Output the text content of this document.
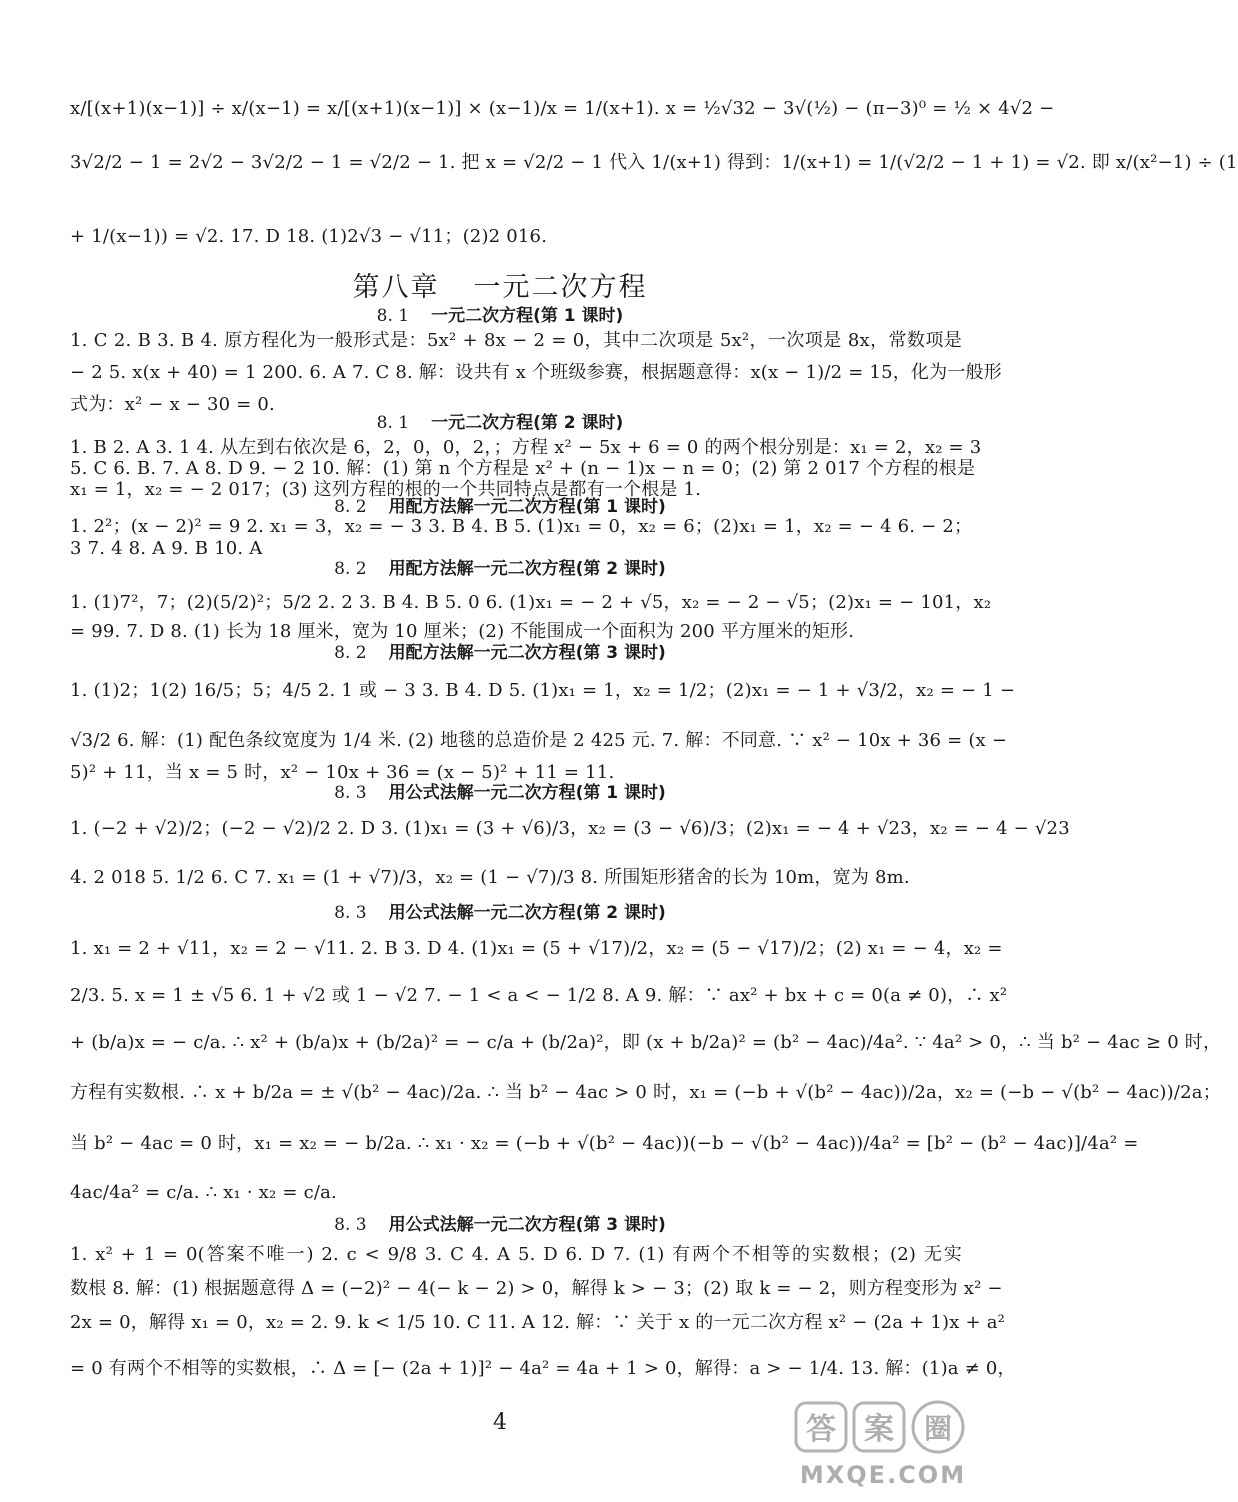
x/[(x+1)(x−1)] ÷ x/(x−1) = x/[(x+1)(x−1)] × (x−1)/x = 1/(x+1). x = ½√32 − 3√(½) − (π−3)⁰ = ½ × 4√2 −
3√2/2 − 1 = 2√2 − 3√2/2 − 1 = √2/2 − 1. 把 x = √2/2 − 1 代入 1/(x+1) 得到：1/(x+1) = 1/(√2/2 − 1 + 1) = √2. 即 x/(x²−1) ÷ (1
+ 1/(x−1)) = √2. 17. D 18. (1)2√3 − √11；(2)2 016.
第八章 一元二次方程
8. 1 一元二次方程(第 1 课时)
1. C 2. B 3. B 4. 原方程化为一般形式是：5x² + 8x − 2 = 0，其中二次项是 5x²，一次项是 8x，常数项是
− 2 5. x(x + 40) = 1 200. 6. A 7. C 8. 解：设共有 x 个班级参赛，根据题意得：x(x − 1)/2 = 15，化为一般形
式为：x² − x − 30 = 0.
8. 1 一元二次方程(第 2 课时)
1. B 2. A 3. 1 4. 从左到右依次是 6，2，0，0，2，；方程 x² − 5x + 6 = 0 的两个根分别是：x₁ = 2，x₂ = 3
5. C 6. B. 7. A 8. D 9. − 2 10. 解：(1) 第 n 个方程是 x² + (n − 1)x − n = 0；(2) 第 2 017 个方程的根是
x₁ = 1，x₂ = − 2 017；(3) 这列方程的根的一个共同特点是都有一个根是 1.
8. 2 用配方法解一元二次方程(第 1 课时)
1. 2²；(x − 2)² = 9 2. x₁ = 3，x₂ = − 3 3. B 4. B 5. (1)x₁ = 0，x₂ = 6；(2)x₁ = 1，x₂ = − 4 6. − 2；
3 7. 4 8. A 9. B 10. A
8. 2 用配方法解一元二次方程(第 2 课时)
1. (1)7²，7；(2)(5/2)²；5/2 2. 2 3. B 4. B 5. 0 6. (1)x₁ = − 2 + √5，x₂ = − 2 − √5；(2)x₁ = − 101，x₂
= 99. 7. D 8. (1) 长为 18 厘米，宽为 10 厘米；(2) 不能围成一个面积为 200 平方厘米的矩形.
8. 2 用配方法解一元二次方程(第 3 课时)
1. (1)2；1(2) 16/5；5；4/5 2. 1 或 − 3 3. B 4. D 5. (1)x₁ = 1，x₂ = 1/2；(2)x₁ = − 1 + √3/2，x₂ = − 1 −
√3/2 6. 解：(1) 配色条纹宽度为 1/4 米. (2) 地毯的总造价是 2 425 元. 7. 解：不同意. ∵ x² − 10x + 36 = (x −
5)² + 11，当 x = 5 时，x² − 10x + 36 = (x − 5)² + 11 = 11.
8. 3 用公式法解一元二次方程(第 1 课时)
1. (−2 + √2)/2；(−2 − √2)/2 2. D 3. (1)x₁ = (3 + √6)/3，x₂ = (3 − √6)/3；(2)x₁ = − 4 + √23，x₂ = − 4 − √23
4. 2 018 5. 1/2 6. C 7. x₁ = (1 + √7)/3，x₂ = (1 − √7)/3 8. 所围矩形猪舍的长为 10m，宽为 8m.
8. 3 用公式法解一元二次方程(第 2 课时)
1. x₁ = 2 + √11，x₂ = 2 − √11. 2. B 3. D 4. (1)x₁ = (5 + √17)/2，x₂ = (5 − √17)/2；(2) x₁ = − 4，x₂ =
2/3. 5. x = 1 ± √5 6. 1 + √2 或 1 − √2 7. − 1 < a < − 1/2 8. A 9. 解：∵ ax² + bx + c = 0(a ≠ 0)，∴ x²
+ (b/a)x = − c/a. ∴ x² + (b/a)x + (b/2a)² = − c/a + (b/2a)²，即 (x + b/2a)² = (b² − 4ac)/4a². ∵ 4a² > 0，∴ 当 b² − 4ac ≥ 0 时，
方程有实数根. ∴ x + b/2a = ± √(b² − 4ac)/2a. ∴ 当 b² − 4ac > 0 时，x₁ = (−b + √(b² − 4ac))/2a，x₂ = (−b − √(b² − 4ac))/2a；
当 b² − 4ac = 0 时，x₁ = x₂ = − b/2a. ∴ x₁ · x₂ = (−b + √(b² − 4ac))(−b − √(b² − 4ac))/4a² = [b² − (b² − 4ac)]/4a² =
4ac/4a² = c/a. ∴ x₁ · x₂ = c/a.
8. 3 用公式法解一元二次方程(第 3 课时)
1. x² + 1 = 0(答案不唯一) 2. c < 9/8 3. C 4. A 5. D 6. D 7. (1) 有两个不相等的实数根；(2) 无实
数根 8. 解：(1) 根据题意得 Δ = (−2)² − 4(− k − 2) > 0，解得 k > − 3；(2) 取 k = − 2，则方程变形为 x² −
2x = 0，解得 x₁ = 0，x₂ = 2. 9. k < 1/5 10. C 11. A 12. 解：∵ 关于 x 的一元二次方程 x² − (2a + 1)x + a²
= 0 有两个不相等的实数根，∴ Δ = [− (2a + 1)]² − 4a² = 4a + 1 > 0，解得：a > − 1/4. 13. 解：(1)a ≠ 0，
4	答 案 圈
MXQE.COM
